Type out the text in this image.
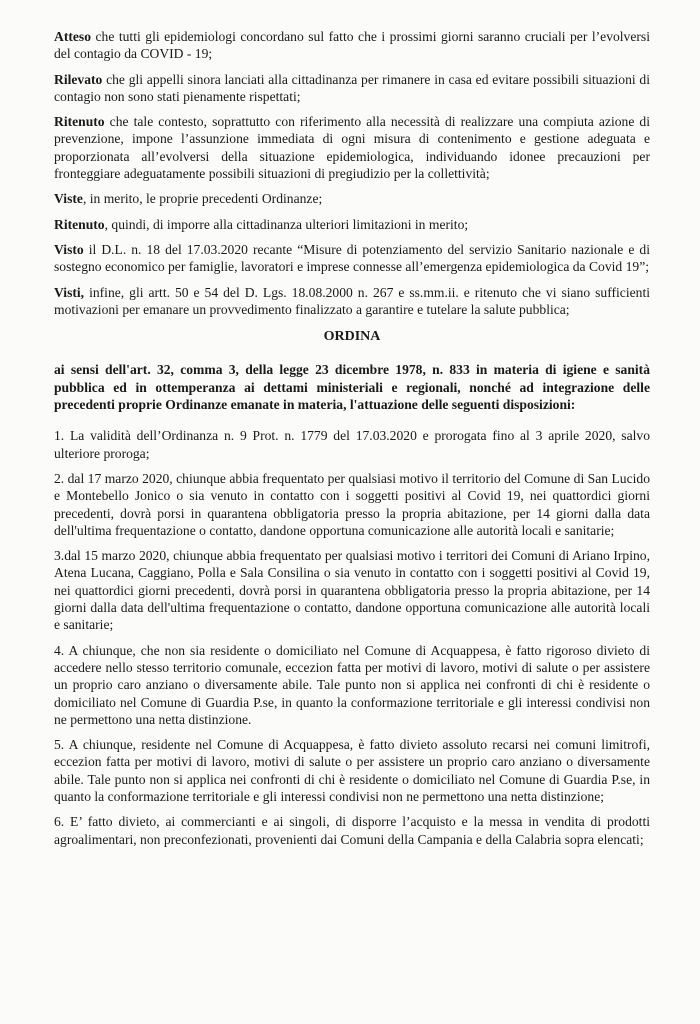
Atteso che tutti gli epidemiologi concordano sul fatto che i prossimi giorni saranno cruciali per l’evolversi del contagio da COVID - 19;

Rilevato che gli appelli sinora lanciati alla cittadinanza per rimanere in casa ed evitare possibili situazioni di contagio non sono stati pienamente rispettati;

Ritenuto che tale contesto, soprattutto con riferimento alla necessità di realizzare una compiuta azione di prevenzione, impone l’assunzione immediata di ogni misura di contenimento e gestione adeguata e proporzionata all’evolversi della situazione epidemiologica, individuando idonee precauzioni per fronteggiare adeguatamente possibili situazioni di pregiudizio per la collettività;

Viste, in merito, le proprie precedenti Ordinanze;

Ritenuto, quindi, di imporre alla cittadinanza ulteriori limitazioni in merito;

Visto il D.L. n. 18 del 17.03.2020 recante “Misure di potenziamento del servizio Sanitario nazionale e di sostegno economico per famiglie, lavoratori e imprese connesse all’emergenza epidemiologica da Covid 19”;

Visti, infine, gli artt. 50 e 54 del D. Lgs. 18.08.2000 n. 267 e ss.mm.ii. e ritenuto che vi siano sufficienti motivazioni per emanare un provvedimento finalizzato a garantire e tutelare la salute pubblica;

ORDINA

ai sensi dell'art. 32, comma 3, della legge 23 dicembre 1978, n. 833 in materia di igiene e sanità pubblica ed in ottemperanza ai dettami ministeriali e regionali, nonché ad integrazione delle precedenti proprie Ordinanze emanate in materia, l'attuazione delle seguenti disposizioni:

1. La validità dell’Ordinanza n. 9 Prot. n. 1779 del 17.03.2020 e prorogata fino al 3 aprile 2020, salvo ulteriore proroga;

2. dal 17 marzo 2020, chiunque abbia frequentato per qualsiasi motivo il territorio del Comune di San Lucido e Montebello Jonico o sia venuto in contatto con i soggetti positivi al Covid 19, nei quattordici giorni precedenti, dovrà porsi in quarantena obbligatoria presso la propria abitazione, per 14 giorni dalla data dell'ultima frequentazione o contatto, dandone opportuna comunicazione alle autorità locali e sanitarie;

3.dal 15 marzo 2020, chiunque abbia frequentato per qualsiasi motivo i territori dei Comuni di Ariano Irpino, Atena Lucana, Caggiano, Polla e Sala Consilina o sia venuto in contatto con i soggetti positivi al Covid 19, nei quattordici giorni precedenti, dovrà porsi in quarantena obbligatoria presso la propria abitazione, per 14 giorni dalla data dell'ultima frequentazione o contatto, dandone opportuna comunicazione alle autorità locali e sanitarie;

4. A chiunque, che non sia residente o domiciliato nel Comune di Acquappesa, è fatto rigoroso divieto di accedere nello stesso territorio comunale, eccezion fatta per motivi di lavoro, motivi di salute o per assistere un proprio caro anziano o diversamente abile. Tale punto non si applica nei confronti di chi è residente o domiciliato nel Comune di Guardia P.se, in quanto la conformazione territoriale e gli interessi condivisi non ne permettono una netta distinzione.

5. A chiunque, residente nel Comune di Acquappesa, è fatto divieto assoluto recarsi nei comuni limitrofi, eccezion fatta per motivi di lavoro, motivi di salute o per assistere un proprio caro anziano o diversamente abile. Tale punto non si applica nei confronti di chi è residente o domiciliato nel Comune di Guardia P.se, in quanto la conformazione territoriale e gli interessi condivisi non ne permettono una netta distinzione;

6. E’ fatto divieto, ai commercianti e ai singoli, di disporre l’acquisto e la messa in vendita di prodotti agroalimentari, non preconfezionati, provenienti dai Comuni della Campania e della Calabria sopra elencati;
